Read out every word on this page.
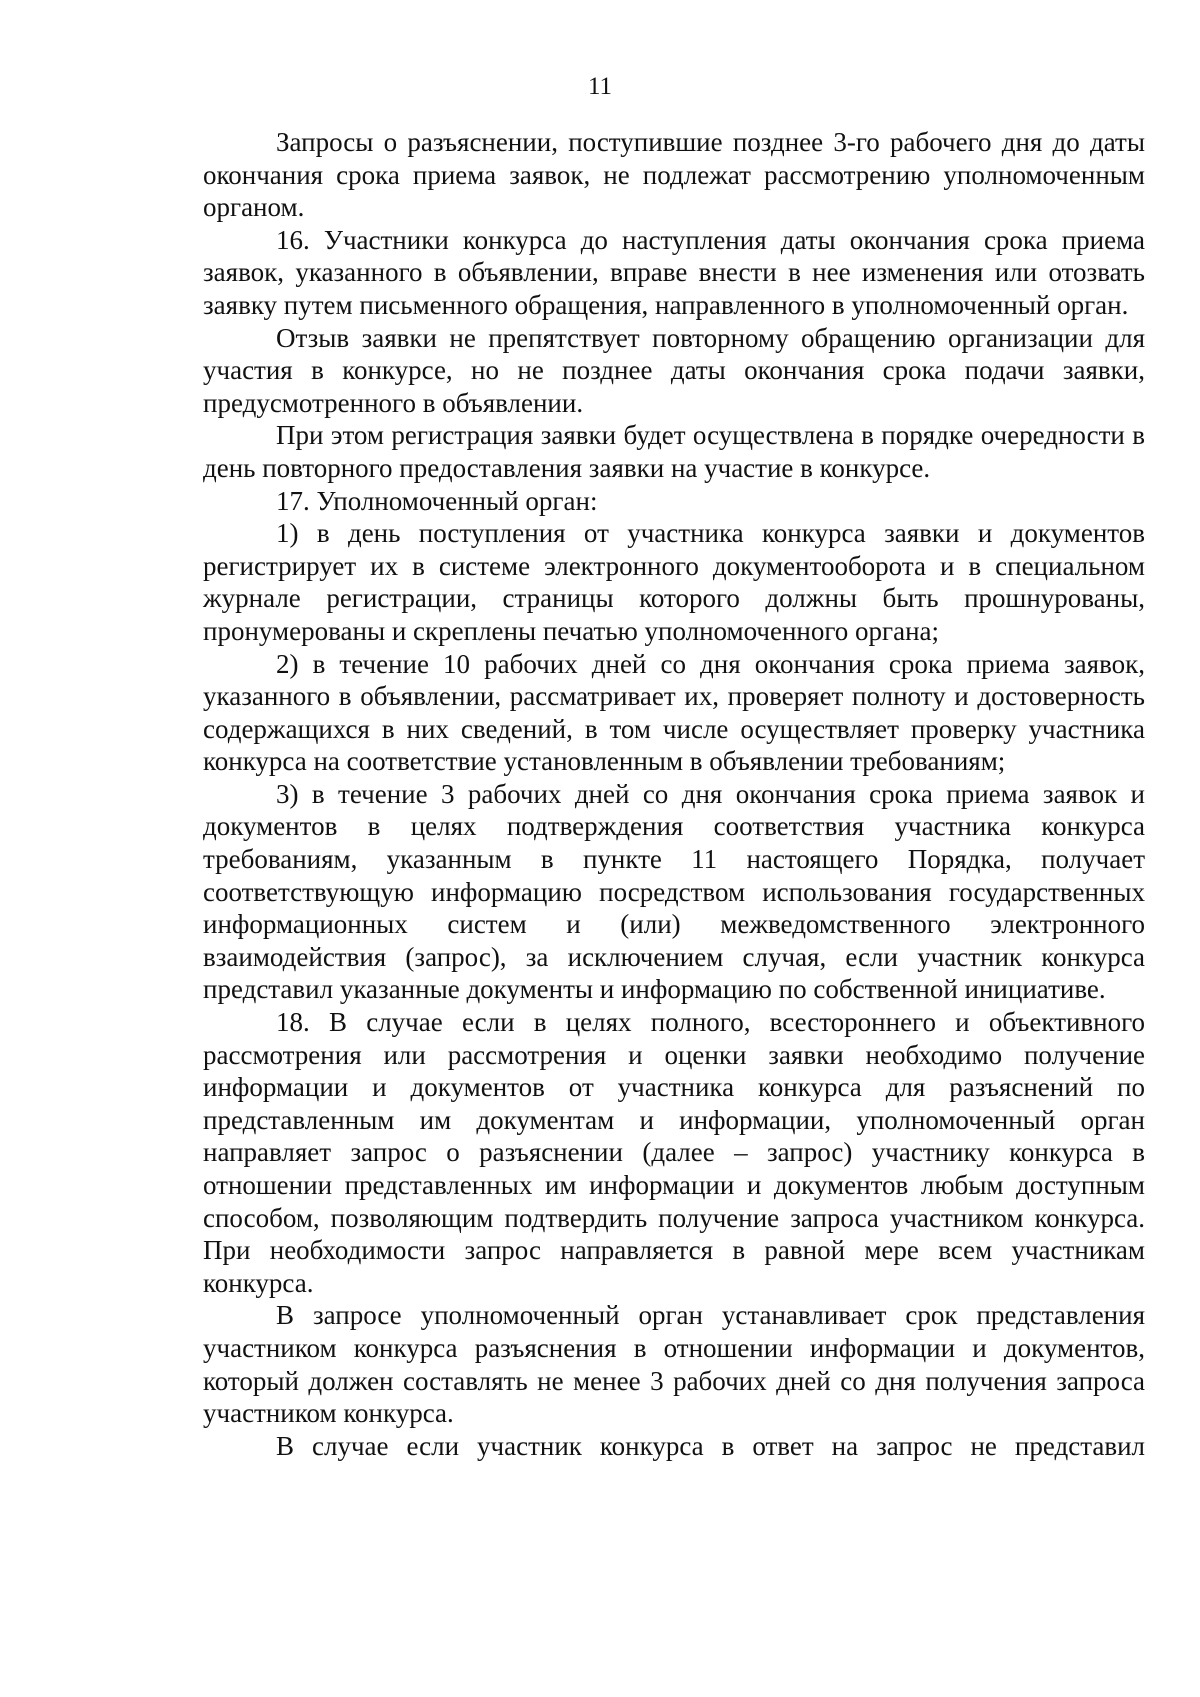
11

Запросы о разъяснении, поступившие позднее 3-го рабочего дня до даты окончания срока приема заявок, не подлежат рассмотрению уполномоченным органом.

16. Участники конкурса до наступления даты окончания срока приема заявок, указанного в объявлении, вправе внести в нее изменения или отозвать заявку путем письменного обращения, направленного в уполномоченный орган.

Отзыв заявки не препятствует повторному обращению организации для участия в конкурсе, но не позднее даты окончания срока подачи заявки, предусмотренного в объявлении.

При этом регистрация заявки будет осуществлена в порядке очередности в день повторного предоставления заявки на участие в конкурсе.

17. Уполномоченный орган:

1) в день поступления от участника конкурса заявки и документов регистрирует их в системе электронного документооборота и в специальном журнале регистрации, страницы которого должны быть прошнурованы, пронумерованы и скреплены печатью уполномоченного органа;

2) в течение 10 рабочих дней со дня окончания срока приема заявок, указанного в объявлении, рассматривает их, проверяет полноту и достоверность содержащихся в них сведений, в том числе осуществляет проверку участника конкурса на соответствие установленным в объявлении требованиям;

3) в течение 3 рабочих дней со дня окончания срока приема заявок и документов в целях подтверждения соответствия участника конкурса требованиям, указанным в пункте 11 настоящего Порядка, получает соответствующую информацию посредством использования государственных информационных систем и (или) межведомственного электронного взаимодействия (запрос), за исключением случая, если участник конкурса представил указанные документы и информацию по собственной инициативе.

18. В случае если в целях полного, всестороннего и объективного рассмотрения или рассмотрения и оценки заявки необходимо получение информации и документов от участника конкурса для разъяснений по представленным им документам и информации, уполномоченный орган направляет запрос о разъяснении (далее – запрос) участнику конкурса в отношении представленных им информации и документов любым доступным способом, позволяющим подтвердить получение запроса участником конкурса. При необходимости запрос направляется в равной мере всем участникам конкурса.

В запросе уполномоченный орган устанавливает срок представления участником конкурса разъяснения в отношении информации и документов, который должен составлять не менее 3 рабочих дней со дня получения запроса участником конкурса.

В случае если участник конкурса в ответ на запрос не представил
